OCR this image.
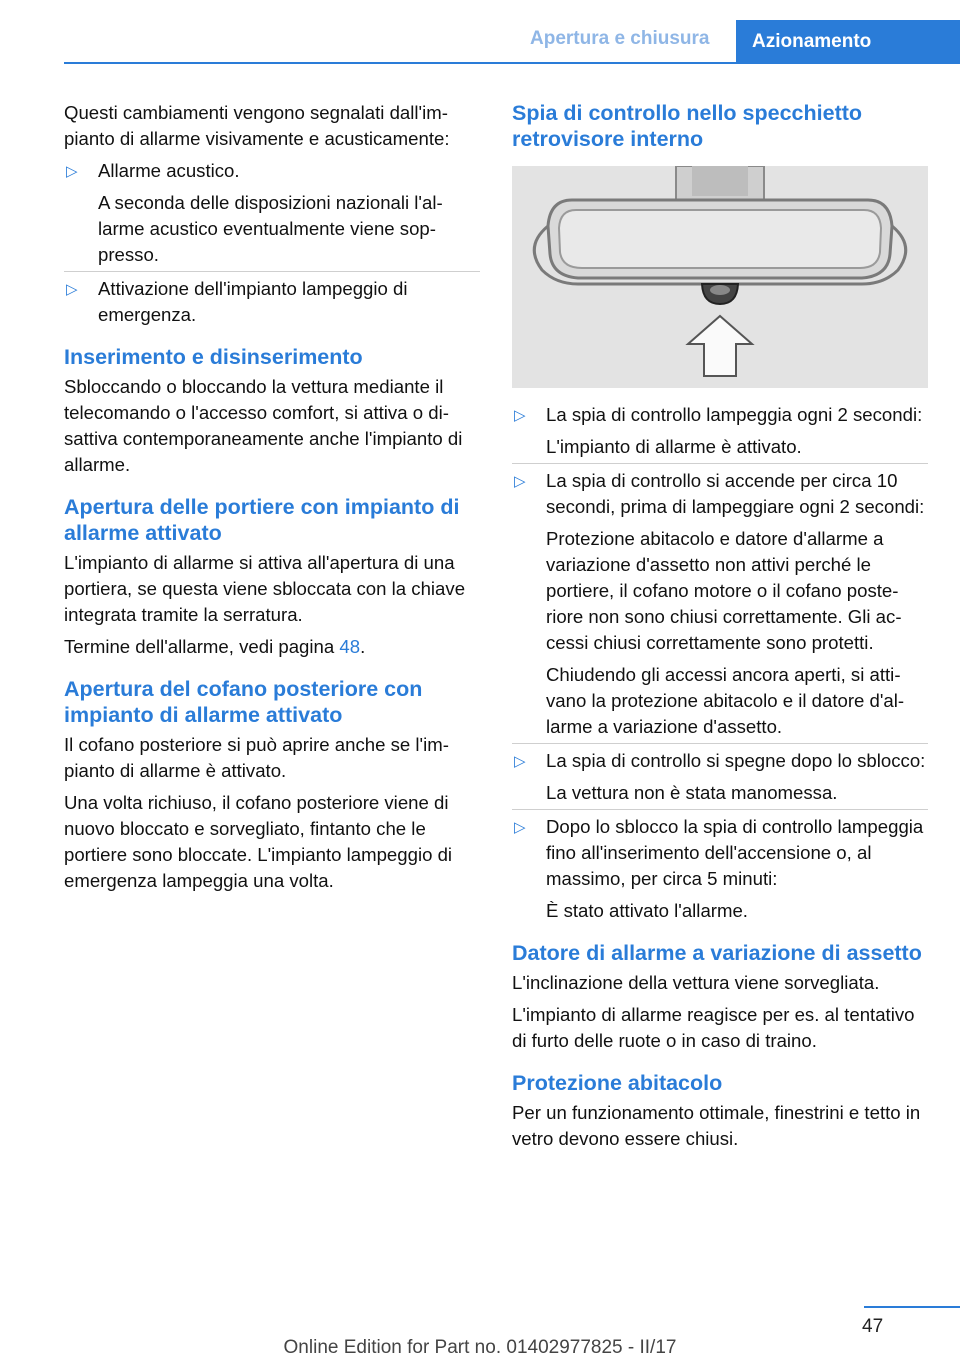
Apertura e chiusura	Azionamento

Questi cambiamenti vengono segnalati dall'impianto di allarme visivamente e acusticamente:

▷ Allarme acustico.

A seconda delle disposizioni nazionali l'allarme acustico eventualmente viene soppresso.

▷ Attivazione dell'impianto lampeggio di emergenza.

Inserimento e disinserimento

Sbloccando o bloccando la vettura mediante il telecomando o l'accesso comfort, si attiva o disattiva contemporaneamente anche l'impianto di allarme.

Apertura delle portiere con impianto di allarme attivato

L'impianto di allarme si attiva all'apertura di una portiera, se questa viene sbloccata con la chiave integrata tramite la serratura.

Termine dell'allarme, vedi pagina 48.

Apertura del cofano posteriore con impianto di allarme attivato

Il cofano posteriore si può aprire anche se l'impianto di allarme è attivato.

Una volta richiuso, il cofano posteriore viene di nuovo bloccato e sorvegliato, fintanto che le portiere sono bloccate. L'impianto lampeggio di emergenza lampeggia una volta.

Spia di controllo nello specchietto retrovisore interno
▷ La spia di controllo lampeggia ogni 2 secondi:

L'impianto di allarme è attivato.

▷ La spia di controllo si accende per circa 10 secondi, prima di lampeggiare ogni 2 secondi:

Protezione abitacolo e datore d'allarme a variazione d'assetto non attivi perché le portiere, il cofano motore o il cofano posteriore non sono chiusi correttamente. Gli accessi chiusi correttamente sono protetti.

Chiudendo gli accessi ancora aperti, si attivano la protezione abitacolo e il datore d'allarme a variazione d'assetto.

▷ La spia di controllo si spegne dopo lo sblocco:

La vettura non è stata manomessa.

▷ Dopo lo sblocco la spia di controllo lampeggia fino all'inserimento dell'accensione o, al massimo, per circa 5 minuti:

È stato attivato l'allarme.

Datore di allarme a variazione di assetto

L'inclinazione della vettura viene sorvegliata.

L'impianto di allarme reagisce per es. al tentativo di furto delle ruote o in caso di traino.

Protezione abitacolo

Per un funzionamento ottimale, finestrini e tetto in vetro devono essere chiusi.

47
Online Edition for Part no. 01402977825 - II/17
